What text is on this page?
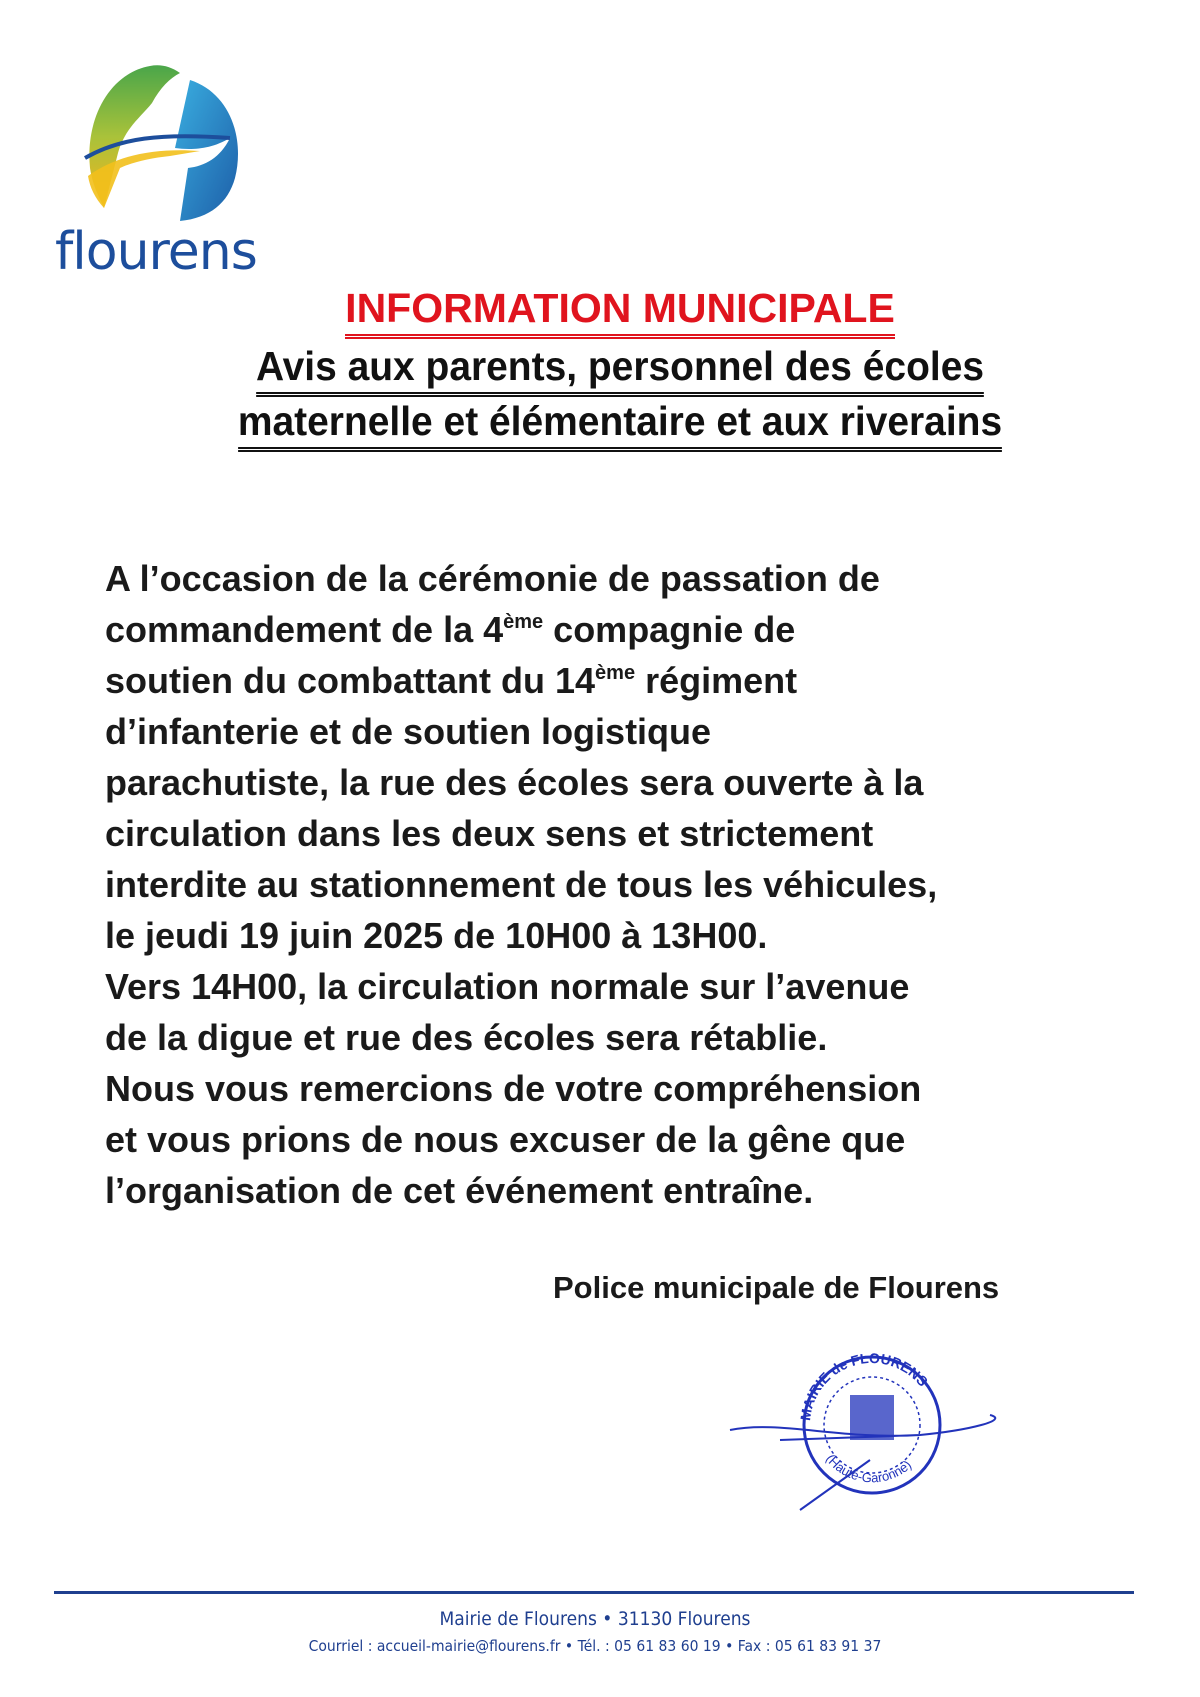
flourens
INFORMATION MUNICIPALE
Avis aux parents, personnel des écoles
maternelle et élémentaire et aux riverains
A l’occasion de la cérémonie de passation de
commandement de la 4ème compagnie de
soutien du combattant du 14ème régiment
d’infanterie et de soutien logistique
parachutiste, la rue des écoles sera ouverte à la
circulation dans les deux sens et strictement
interdite au stationnement de tous les véhicules,
le jeudi 19 juin 2025 de 10H00 à 13H00.
Vers 14H00, la circulation normale sur l’avenue
de la digue et rue des écoles sera rétablie.
Nous vous remercions de votre compréhension
et vous prions de nous excuser de la gêne que
l’organisation de cet événement entraîne.
Police municipale de Flourens
MAIRIE de FLOURENS
(Haute-Garonne)
Mairie de Flourens • 31130 Flourens
Courriel : accueil-mairie@flourens.fr • Tél. : 05 61 83 60 19 • Fax : 05 61 83 91 37
